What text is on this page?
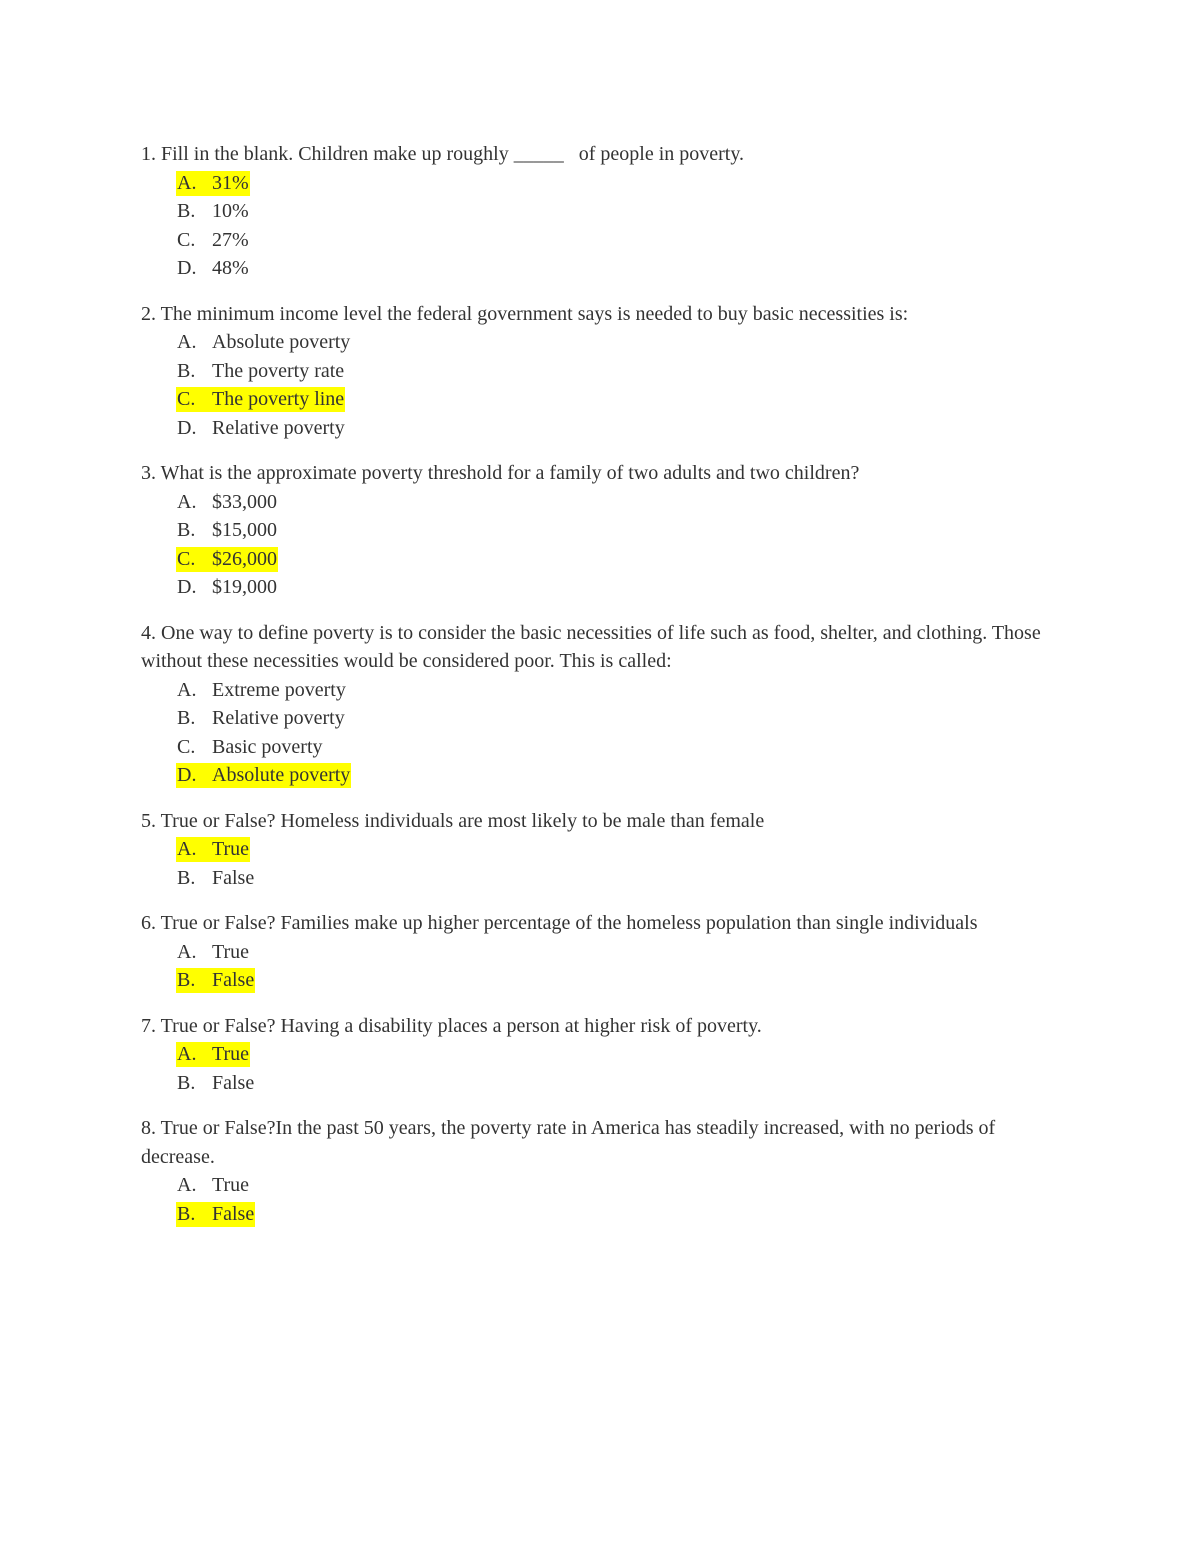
1. Fill in the blank. Children make up roughly _____   of people in poverty.

A. 31%
B. 10%
C. 27%
D. 48%

2. The minimum income level the federal government says is needed to buy basic necessities is:

A. Absolute poverty
B. The poverty rate
C. The poverty line
D. Relative poverty

3. What is the approximate poverty threshold for a family of two adults and two children?

A. $33,000
B. $15,000
C. $26,000
D. $19,000

4. One way to define poverty is to consider the basic necessities of life such as food, shelter, and clothing. Those without these necessities would be considered poor. This is called:

A. Extreme poverty
B. Relative poverty
C. Basic poverty
D. Absolute poverty

5. True or False? Homeless individuals are most likely to be male than female

A. True
B. False

6. True or False? Families make up higher percentage of the homeless population than single individuals

A. True
B. False

7. True or False? Having a disability places a person at higher risk of poverty.

A. True
B. False

8. True or False?In the past 50 years, the poverty rate in America has steadily increased, with no periods of decrease.

A. True
B. False
